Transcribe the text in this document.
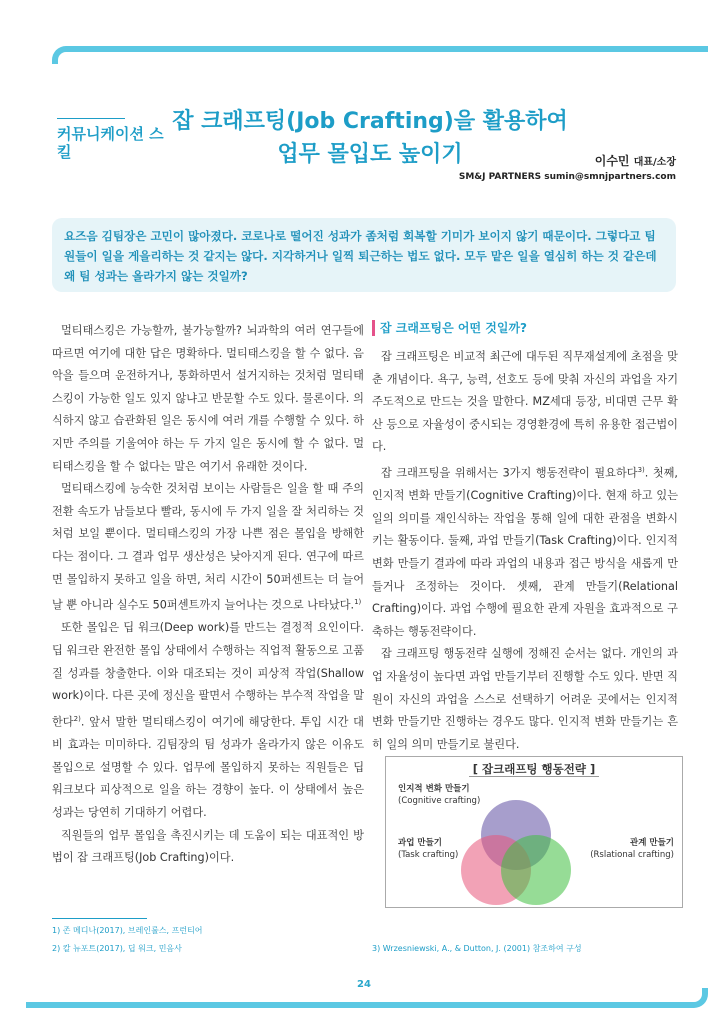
커뮤니케이션 스킬
잡 크래프팅(Job Crafting)을 활용하여
업무 몰입도 높이기	이수민 대표/소장
SM&J PARTNERS sumin@smnjpartners.com
요즈음 김팀장은 고민이 많아졌다. 코로나로 떨어진 성과가 좀처럼 회복할 기미가 보이지 않기 때문이다. 그렇다고 팀원들이 일을 게을리하는 것 같지는 않다. 지각하거나 일찍 퇴근하는 법도 없다. 모두 맡은 일을 열심히 하는 것 같은데 왜 팀 성과는 올라가지 않는 것일까?

멀티태스킹은 가능할까, 불가능할까? 뇌과학의 여러 연구들에 따르면 여기에 대한 답은 명확하다. 멀티태스킹을 할 수 없다. 음악을 들으며 운전하거나, 통화하면서 설거지하는 것처럼 멀티태스킹이 가능한 일도 있지 않냐고 반문할 수도 있다. 물론이다. 의식하지 않고 습관화된 일은 동시에 여러 개를 수행할 수 있다. 하지만 주의를 기울여야 하는 두 가지 일은 동시에 할 수 없다. 멀티태스킹을 할 수 없다는 말은 여기서 유래한 것이다.

멀티태스킹에 능숙한 것처럼 보이는 사람들은 일을 할 때 주의 전환 속도가 남들보다 빨라, 동시에 두 가지 일을 잘 처리하는 것처럼 보일 뿐이다. 멀티태스킹의 가장 나쁜 점은 몰입을 방해한다는 점이다. 그 결과 업무 생산성은 낮아지게 된다. 연구에 따르면 몰입하지 못하고 일을 하면, 처리 시간이 50퍼센트는 더 늘어날 뿐 아니라 실수도 50퍼센트까지 늘어나는 것으로 나타났다.$^{1)}$

또한 몰입은 딥 워크(Deep work)를 만드는 결정적 요인이다. 딥 워크란 완전한 몰입 상태에서 수행하는 직업적 활동으로 고품질 성과를 창출한다. 이와 대조되는 것이 피상적 작업(Shallow work)이다. 다른 곳에 정신을 팔면서 수행하는 부수적 작업을 말한다$^{2)}$. 앞서 말한 멀티태스킹이 여기에 해당한다. 투입 시간 대비 효과는 미미하다. 김팀장의 팀 성과가 올라가지 않은 이유도 몰입으로 설명할 수 있다. 업무에 몰입하지 못하는 직원들은 딥 워크보다 피상적으로 일을 하는 경향이 높다. 이 상태에서 높은 성과는 당연히 기대하기 어렵다.

직원들의 업무 몰입을 촉진시키는 데 도움이 되는 대표적인 방법이 잡 크래프팅(Job Crafting)이다.

잡 크래프팅은 어떤 것일까?

잡 크래프팅은 비교적 최근에 대두된 직무재설계에 초점을 맞춘 개념이다. 욕구, 능력, 선호도 등에 맞춰 자신의 과업을 자기 주도적으로 만드는 것을 말한다. MZ세대 등장, 비대면 근무 확산 등으로 자율성이 중시되는 경영환경에 특히 유용한 접근법이다.

잡 크래프팅을 위해서는 3가지 행동전략이 필요하다$^{3)}$. 첫째, 인지적 변화 만들기(Cognitive Crafting)이다. 현재 하고 있는 일의 의미를 재인식하는 작업을 통해 일에 대한 관점을 변화시키는 활동이다. 둘째, 과업 만들기(Task Crafting)이다. 인지적 변화 만들기 결과에 따라 과업의 내용과 접근 방식을 새롭게 만들거나 조정하는 것이다. 셋째, 관계 만들기(Relational Crafting)이다. 과업 수행에 필요한 관계 자원을 효과적으로 구축하는 행동전략이다.

잡 크래프팅 행동전략 실행에 정해진 순서는 없다. 개인의 과업 자율성이 높다면 과업 만들기부터 진행할 수도 있다. 반면 직원이 자신의 과업을 스스로 선택하기 어려운 곳에서는 인지적 변화 만들기만 진행하는 경우도 많다. 인지적 변화 만들기는 흔히 일의 의미 만들기로 불린다.

[ 잡크래프팅 행동전략 ]
인지적 변화 만들기
(Cognitive crafting)
과업 만들기
(Task crafting)
관계 만들기
(Rslational crafting)
1) 존 메디나(2017), 브레인룰스, 프런티어
2) 칼 뉴포트(2017), 딥 워크, 민음사	3) Wrzesniewski, A., & Dutton, J. (2001) 참조하여 구성
24
